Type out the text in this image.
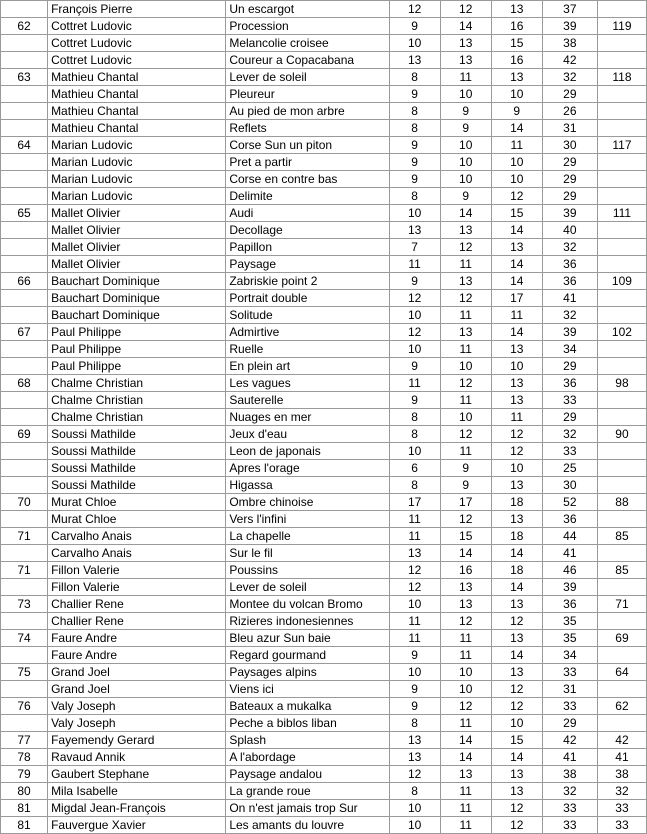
	François Pierre	Un escargot	12	12	13	37	
62	Cottret Ludovic	Procession	9	14	16	39	119
	Cottret Ludovic	Melancolie croisee	10	13	15	38	
	Cottret Ludovic	Coureur a Copacabana	13	13	16	42	
63	Mathieu Chantal	Lever de soleil	8	11	13	32	118
	Mathieu Chantal	Pleureur	9	10	10	29	
	Mathieu Chantal	Au pied de mon arbre	8	9	9	26	
	Mathieu Chantal	Reflets	8	9	14	31	
64	Marian Ludovic	Corse Sun un piton	9	10	11	30	117
	Marian Ludovic	Pret a partir	9	10	10	29	
	Marian Ludovic	Corse en contre bas	9	10	10	29	
	Marian Ludovic	Delimite	8	9	12	29	
65	Mallet Olivier	Audi	10	14	15	39	111
	Mallet Olivier	Decollage	13	13	14	40	
	Mallet Olivier	Papillon	7	12	13	32	
	Mallet Olivier	Paysage	11	11	14	36	
66	Bauchart Dominique	Zabriskie point 2	9	13	14	36	109
	Bauchart Dominique	Portrait double	12	12	17	41	
	Bauchart Dominique	Solitude	10	11	11	32	
67	Paul Philippe	Admirtive	12	13	14	39	102
	Paul Philippe	Ruelle	10	11	13	34	
	Paul Philippe	En plein art	9	10	10	29	
68	Chalme Christian	Les vagues	11	12	13	36	98
	Chalme Christian	Sauterelle	9	11	13	33	
	Chalme Christian	Nuages en mer	8	10	11	29	
69	Soussi Mathilde	Jeux d'eau	8	12	12	32	90
	Soussi Mathilde	Leon de japonais	10	11	12	33	
	Soussi Mathilde	Apres l'orage	6	9	10	25	
	Soussi Mathilde	Higassa	8	9	13	30	
70	Murat Chloe	Ombre chinoise	17	17	18	52	88
	Murat Chloe	Vers l'infini	11	12	13	36	
71	Carvalho Anais	La chapelle	11	15	18	44	85
	Carvalho Anais	Sur le fil	13	14	14	41	
71	Fillon Valerie	Poussins	12	16	18	46	85
	Fillon Valerie	Lever de soleil	12	13	14	39	
73	Challier Rene	Montee du volcan Bromo	10	13	13	36	71
	Challier Rene	Rizieres indonesiennes	11	12	12	35	
74	Faure Andre	Bleu azur Sun baie	11	11	13	35	69
	Faure Andre	Regard gourmand	9	11	14	34	
75	Grand Joel	Paysages alpins	10	10	13	33	64
	Grand Joel	Viens ici	9	10	12	31	
76	Valy Joseph	Bateaux a mukalka	9	12	12	33	62
	Valy Joseph	Peche a biblos liban	8	11	10	29	
77	Fayemendy Gerard	Splash	13	14	15	42	42
78	Ravaud Annik	A l'abordage	13	14	14	41	41
79	Gaubert Stephane	Paysage andalou	12	13	13	38	38
80	Mila Isabelle	La grande roue	8	11	13	32	32
81	Migdal Jean-François	On n'est jamais trop Sur	10	11	12	33	33
81	Fauvergue Xavier	Les amants du louvre	10	11	12	33	33
